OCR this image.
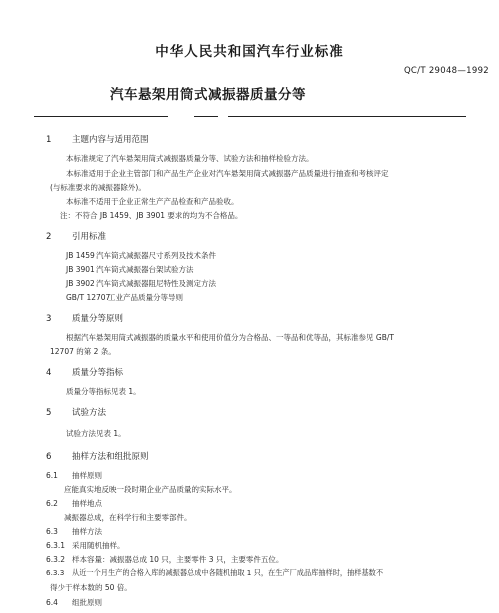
中华人民共和国汽车行业标准
QC/T 29048—1992
汽车悬架用筒式减振器质量分等
1 主题内容与适用范围
本标准规定了汽车悬架用筒式减振器质量分等、试验方法和抽样检验方法。
本标准适用于企业主管部门和产品生产企业对汽车悬架用筒式减振器产品质量进行抽查和考核评定
(与标准要求的减振器除外)。
本标准不适用于企业正常生产产品检查和产品验收。
注：不符合 JB 1459、JB 3901 要求的均为不合格品。
2 引用标准
JB 1459汽车筒式减振器尺寸系列及技术条件
JB 3901汽车筒式减振器台架试验方法
JB 3902汽车筒式减振器阻尼特性及测定方法
GB/T 12707工业产品质量分等导则
3 质量分等原则
根据汽车悬架用筒式减振器的质量水平和使用价值分为合格品、一等品和优等品，其标准参见 GB/T
12707 的第 2 条。
4 质量分等指标
质量分等指标见表 1。
5 试验方法
试验方法见表 1。
6 抽样方法和组批原则
6.1 抽样原则
应能真实地反映一段时期企业产品质量的实际水平。
6.2 抽样地点
减振器总成，在科学行和主要零部件。
6.3 抽样方法
6.3.1 采用随机抽样。
6.3.2 样本容量：减振器总成 10 只，主要零件 3 只，主要零件五位。
6.3.3 从近一个月生产的合格入库的减振器总成中各随机抽取 1 只，在生产厂成品库抽样时，抽样基数不
得少于样本数的 50 倍。
6.4 组批原则
